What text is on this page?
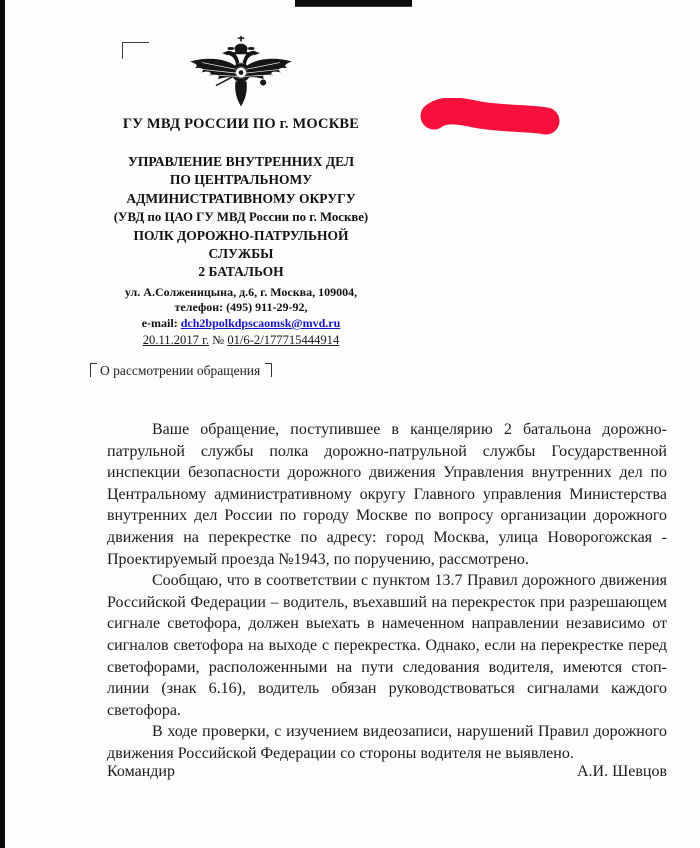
ГУ МВД РОССИИ ПО г. МОСКВЕ
УПРАВЛЕНИЕ ВНУТРЕННИХ ДЕЛ
ПО ЦЕНТРАЛЬНОМУ
АДМИНИСТРАТИВНОМУ ОКРУГУ
(УВД по ЦАО ГУ МВД России по г. Москве)
ПОЛК ДОРОЖНО-ПАТРУЛЬНОЙ
СЛУЖБЫ
2 БАТАЛЬОН
ул. А.Солженицына, д.6, г. Москва, 109004,
телефон: (495) 911-29-92,
e-mail: dch2bpolkdpscaomsk@mvd.ru
20.11.2017 г. № 01/6-2/177715444914
О рассмотрении обращения

Ваше обращение, поступившее в канцелярию 2 батальона дорожно-патрульной службы полка дорожно-патрульной службы Государственной инспекции безопасности дорожного движения Управления внутренних дел по Центральному административному округу Главного управления Министерства внутренних дел России по городу Москве по вопросу организации дорожного движения на перекрестке по адресу: город Москва, улица Новорогожская - Проектируемый проезда №1943, по поручению, рассмотрено.

Сообщаю, что в соответствии с пунктом 13.7 Правил дорожного движения Российской Федерации – водитель, въехавший на перекресток при разрешающем сигнале светофора, должен выехать в намеченном направлении независимо от сигналов светофора на выходе с перекрестка. Однако, если на перекрестке перед светофорами, расположенными на пути следования водителя, имеются стоп-линии (знак 6.16), водитель обязан руководствоваться сигналами каждого светофора.

В ходе проверки, с изучением видеозаписи, нарушений Правил дорожного движения Российской Федерации со стороны водителя не выявлено.

Командир	А.И. Шевцов
